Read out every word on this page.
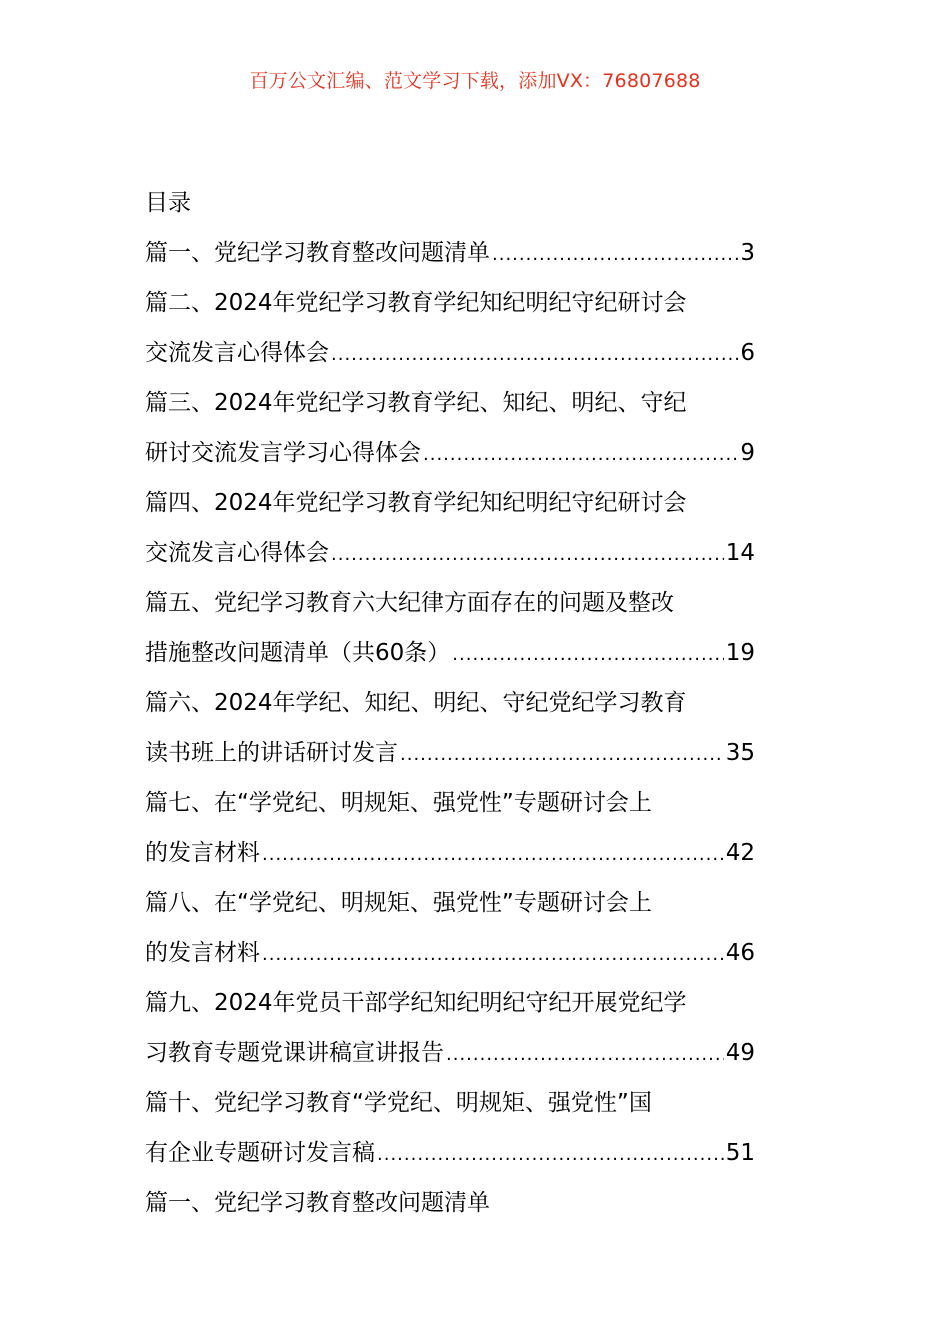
百万公文汇编、范文学习下载，添加VX：76807688
目录
篇一、党纪学习教育整改问题清单 .....	3
篇二、2024年党纪学习教育学纪知纪明纪守纪研讨会
交流发言心得体会 .....	6
篇三、2024年党纪学习教育学纪、知纪、明纪、守纪
研讨交流发言学习心得体会 .....	9
篇四、2024年党纪学习教育学纪知纪明纪守纪研讨会
交流发言心得体会 .....	14
篇五、党纪学习教育六大纪律方面存在的问题及整改
措施整改问题清单（共60条） .....	19
篇六、2024年学纪、知纪、明纪、守纪党纪学习教育
读书班上的讲话研讨发言 .....	35
篇七、在“学党纪、明规矩、强党性”专题研讨会上
的发言材料 .....	42
篇八、在“学党纪、明规矩、强党性”专题研讨会上
的发言材料 .....	46
篇九、2024年党员干部学纪知纪明纪守纪开展党纪学
习教育专题党课讲稿宣讲报告 .....	49
篇十、党纪学习教育“学党纪、明规矩、强党性”国
有企业专题研讨发言稿 .....	51
篇一、党纪学习教育整改问题清单
